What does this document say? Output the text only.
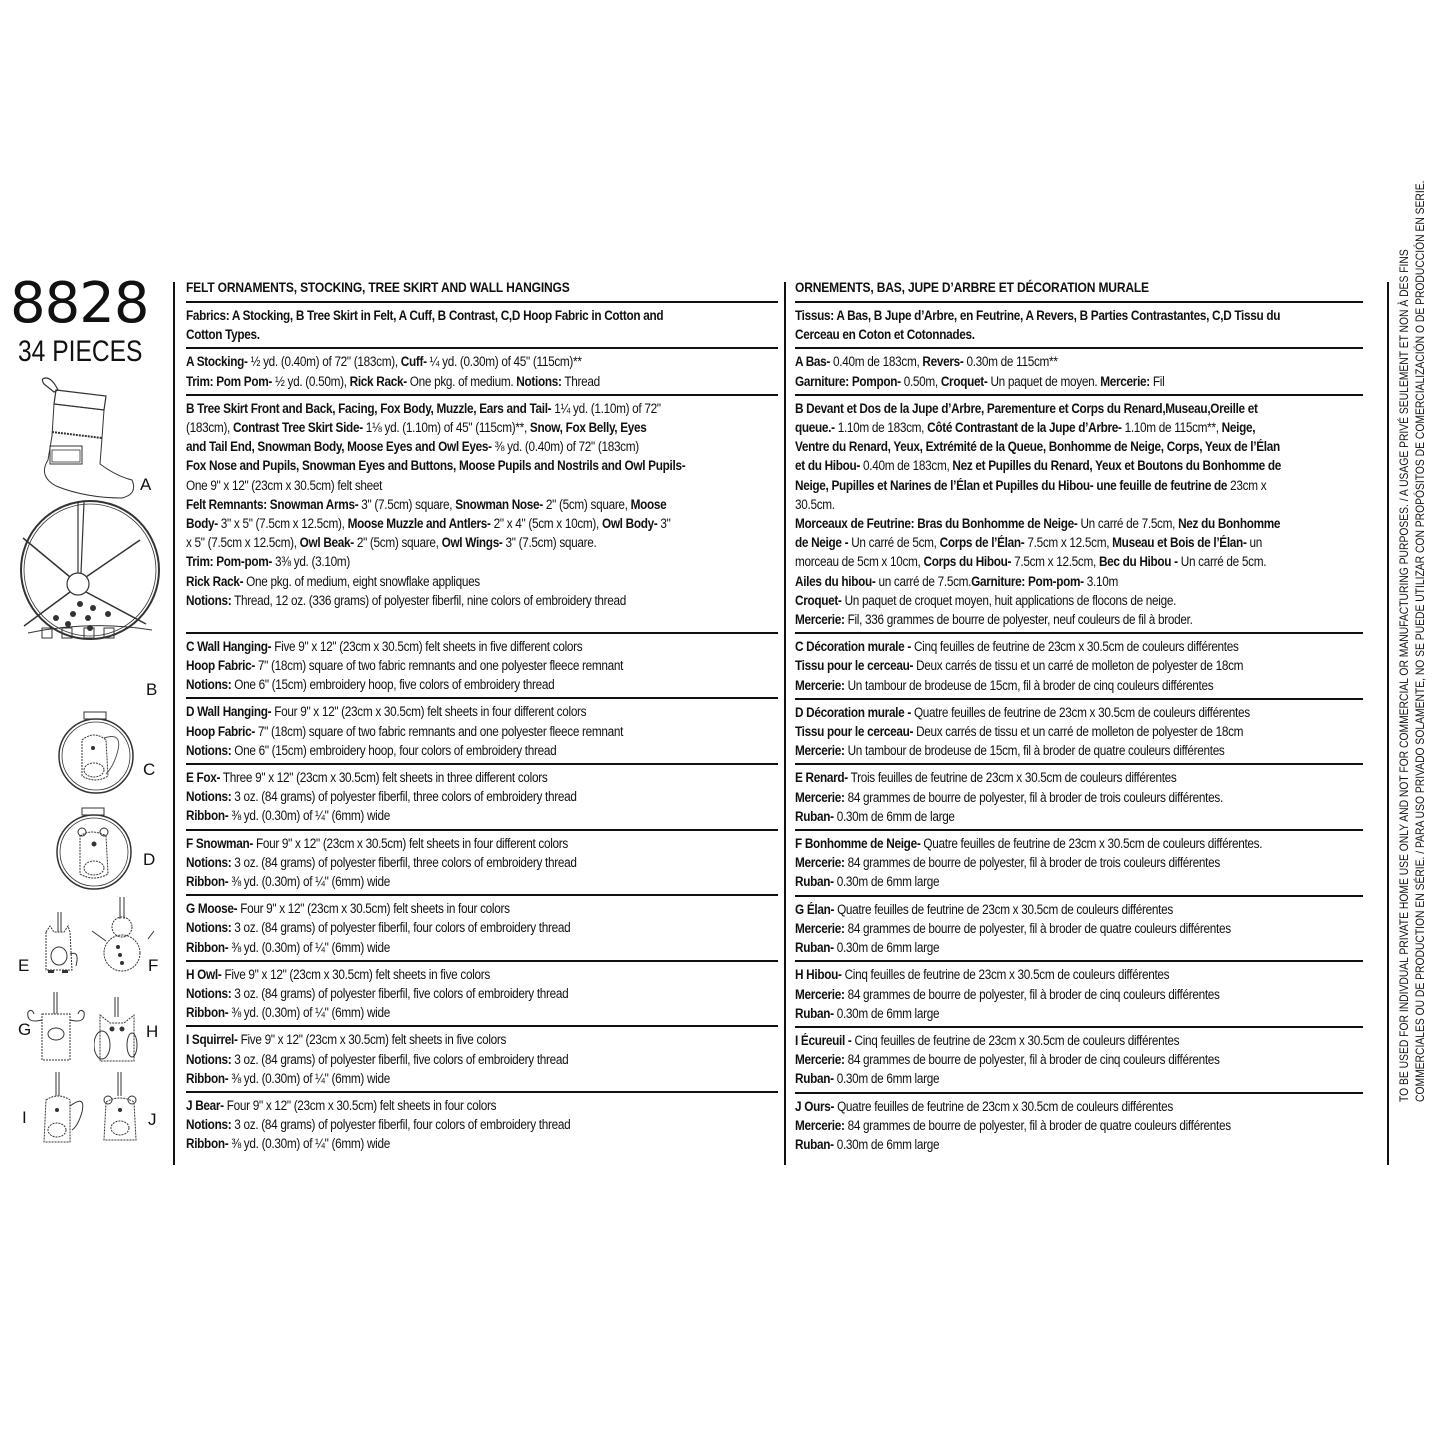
8828
34 PIECES
A
B
C
D
E	F
G	H
I	J
FELT ORNAMENTS, STOCKING, TREE SKIRT AND WALL HANGINGS
Fabrics: A Stocking, B Tree Skirt in Felt, A Cuff, B Contrast, C,D Hoop Fabric in Cotton and
Cotton Types.
A Stocking- ½ yd. (0.40m) of 72" (183cm), Cuff- ¼ yd. (0.30m) of 45" (115cm)**
Trim: Pom Pom- ½ yd. (0.50m), Rick Rack- One pkg. of medium. Notions: Thread
B Tree Skirt Front and Back, Facing, Fox Body, Muzzle, Ears and Tail- 1¼ yd. (1.10m) of 72"
(183cm), Contrast Tree Skirt Side- 1⅛ yd. (1.10m) of 45" (115cm)**, Snow, Fox Belly, Eyes
and Tail End, Snowman Body, Moose Eyes and Owl Eyes- ⅜ yd. (0.40m) of 72" (183cm)
Fox Nose and Pupils, Snowman Eyes and Buttons, Moose Pupils and Nostrils and Owl Pupils-
One 9" x 12" (23cm x 30.5cm) felt sheet
Felt Remnants: Snowman Arms- 3" (7.5cm) square, Snowman Nose- 2" (5cm) square, Moose
Body- 3" x 5" (7.5cm x 12.5cm), Moose Muzzle and Antlers- 2" x 4" (5cm x 10cm), Owl Body- 3"
x 5" (7.5cm x 12.5cm), Owl Beak- 2" (5cm) square, Owl Wings- 3" (7.5cm) square.
Trim: Pom-pom- 3⅜ yd. (3.10m)
Rick Rack- One pkg. of medium, eight snowflake appliques
Notions: Thread, 12 oz. (336 grams) of polyester fiberfil, nine colors of embroidery thread
C Wall Hanging- Five 9" x 12" (23cm x 30.5cm) felt sheets in five different colors
Hoop Fabric- 7" (18cm) square of two fabric remnants and one polyester fleece remnant
Notions: One 6" (15cm) embroidery hoop, five colors of embroidery thread
D Wall Hanging- Four 9" x 12" (23cm x 30.5cm) felt sheets in four different colors
Hoop Fabric- 7" (18cm) square of two fabric remnants and one polyester fleece remnant
Notions: One 6" (15cm) embroidery hoop, four colors of embroidery thread
E Fox- Three 9" x 12" (23cm x 30.5cm) felt sheets in three different colors
Notions: 3 oz. (84 grams) of polyester fiberfil, three colors of embroidery thread
Ribbon- ⅜ yd. (0.30m) of ¼" (6mm) wide
F Snowman- Four 9" x 12" (23cm x 30.5cm) felt sheets in four different colors
Notions: 3 oz. (84 grams) of polyester fiberfil, three colors of embroidery thread
Ribbon- ⅜ yd. (0.30m) of ¼" (6mm) wide
G Moose- Four 9" x 12" (23cm x 30.5cm) felt sheets in four colors
Notions: 3 oz. (84 grams) of polyester fiberfil, four colors of embroidery thread
Ribbon- ⅜ yd. (0.30m) of ¼" (6mm) wide
H Owl- Five 9" x 12" (23cm x 30.5cm) felt sheets in five colors
Notions: 3 oz. (84 grams) of polyester fiberfil, five colors of embroidery thread
Ribbon- ⅜ yd. (0.30m) of ¼" (6mm) wide
I Squirrel- Five 9" x 12" (23cm x 30.5cm) felt sheets in five colors
Notions: 3 oz. (84 grams) of polyester fiberfil, five colors of embroidery thread
Ribbon- ⅜ yd. (0.30m) of ¼" (6mm) wide
J Bear- Four 9" x 12" (23cm x 30.5cm) felt sheets in four colors
Notions: 3 oz. (84 grams) of polyester fiberfil, four colors of embroidery thread
Ribbon- ⅜ yd. (0.30m) of ¼" (6mm) wide
ORNEMENTS, BAS, JUPE D’ARBRE ET DÉCORATION MURALE
Tissus: A Bas, B Jupe d’Arbre, en Feutrine, A Revers, B Parties Contrastantes, C,D Tissu du
Cerceau en Coton et Cotonnades.
A Bas- 0.40m de 183cm, Revers- 0.30m de 115cm**
Garniture: Pompon- 0.50m, Croquet- Un paquet de moyen. Mercerie: Fil
B Devant et Dos de la Jupe d’Arbre, Parementure et Corps du Renard,Museau,Oreille et
queue.- 1.10m de 183cm, Côté Contrastant de la Jupe d’Arbre- 1.10m de 115cm**, Neige,
Ventre du Renard, Yeux, Extrémité de la Queue, Bonhomme de Neige, Corps, Yeux de l’Élan
et du Hibou- 0.40m de 183cm, Nez et Pupilles du Renard, Yeux et Boutons du Bonhomme de
Neige, Pupilles et Narines de l’Élan et Pupilles du Hibou- une feuille de feutrine de 23cm x
30.5cm.
Morceaux de Feutrine: Bras du Bonhomme de Neige- Un carré de 7.5cm, Nez du Bonhomme
de Neige - Un carré de 5cm, Corps de l’Élan- 7.5cm x 12.5cm, Museau et Bois de l’Élan- un
morceau de 5cm x 10cm, Corps du Hibou- 7.5cm x 12.5cm, Bec du Hibou - Un carré de 5cm.
Ailes du hibou- un carré de 7.5cm.Garniture: Pom-pom- 3.10m
Croquet- Un paquet de croquet moyen, huit applications de flocons de neige.
Mercerie: Fil, 336 grammes de bourre de polyester, neuf couleurs de fil à broder.
C Décoration murale - Cinq feuilles de feutrine de 23cm x 30.5cm de couleurs différentes
Tissu pour le cerceau- Deux carrés de tissu et un carré de molleton de polyester de 18cm
Mercerie: Un tambour de brodeuse de 15cm, fil à broder de cinq couleurs différentes
D Décoration murale - Quatre feuilles de feutrine de 23cm x 30.5cm de couleurs différentes
Tissu pour le cerceau- Deux carrés de tissu et un carré de molleton de polyester de 18cm
Mercerie: Un tambour de brodeuse de 15cm, fil à broder de quatre couleurs différentes
E Renard- Trois feuilles de feutrine de 23cm x 30.5cm de couleurs différentes
Mercerie: 84 grammes de bourre de polyester, fil à broder de trois couleurs différentes.
Ruban- 0.30m de 6mm de large
F Bonhomme de Neige- Quatre feuilles de feutrine de 23cm x 30.5cm de couleurs différentes.
Mercerie: 84 grammes de bourre de polyester, fil à broder de trois couleurs différentes
Ruban- 0.30m de 6mm large
G Élan- Quatre feuilles de feutrine de 23cm x 30.5cm de couleurs différentes
Mercerie: 84 grammes de bourre de polyester, fil à broder de quatre couleurs différentes
Ruban- 0.30m de 6mm large
H Hibou- Cinq feuilles de feutrine de 23cm x 30.5cm de couleurs différentes
Mercerie: 84 grammes de bourre de polyester, fil à broder de cinq couleurs différentes
Ruban- 0.30m de 6mm large
I Écureuil - Cinq feuilles de feutrine de 23cm x 30.5cm de couleurs différentes
Mercerie: 84 grammes de bourre de polyester, fil à broder de cinq couleurs différentes
Ruban- 0.30m de 6mm large
J Ours- Quatre feuilles de feutrine de 23cm x 30.5cm de couleurs différentes
Mercerie: 84 grammes de bourre de polyester, fil à broder de quatre couleurs différentes
Ruban- 0.30m de 6mm large
TO BE USED FOR INDIVDUAL PRIVATE HOME USE ONLY AND NOT FOR COMMERCIAL OR MANUFACTURING PURPOSES. / A USAGE PRIVÉ SEULEMENT ET NON À DES FINS COMMERCIALES OU DE PRODUCTION EN SÉRIE. / PARA USO PRIVADO SOLAMENTE, NO SE PUEDE UTILIZAR CON PROPÓSITOS DE COMERCIALIZACIÓN O DE PRODUCCIÓN EN SERIE.
